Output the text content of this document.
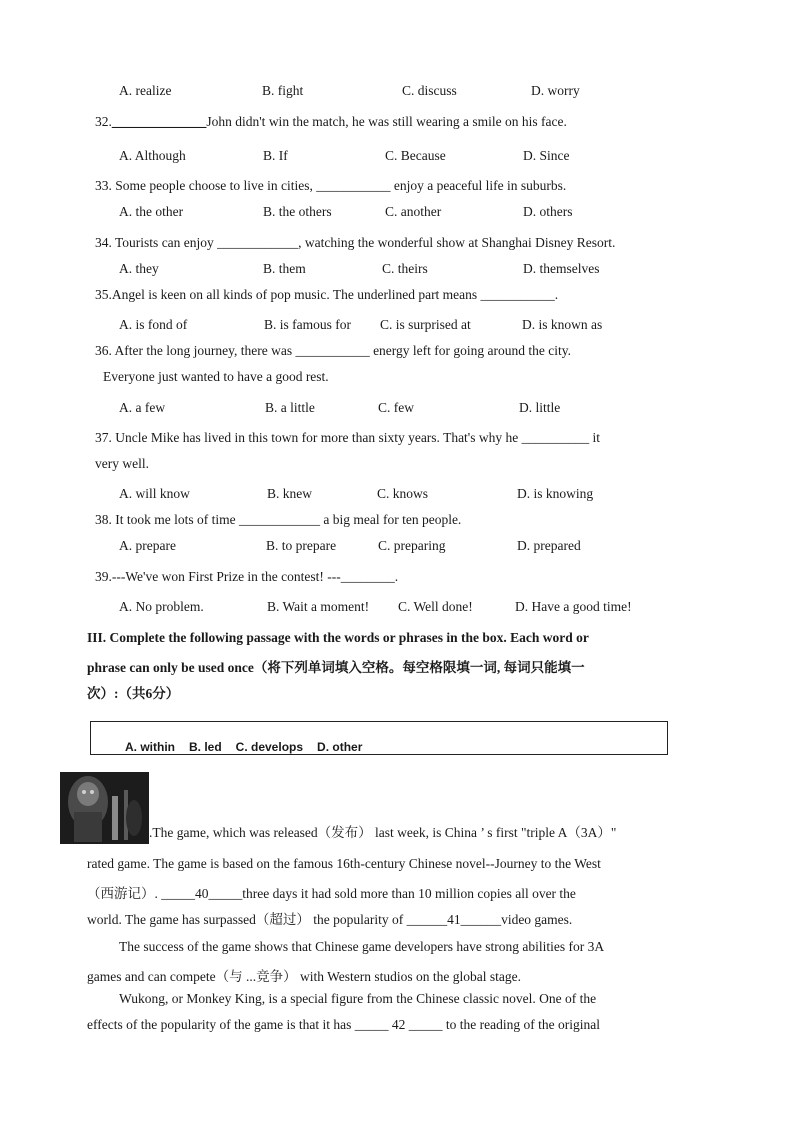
A. realize	B. fight	C. discuss	D. worry
32.______________John didn't win the match, he was still wearing a smile on his face.
A. Although	B. If	C. Because	D. Since
33. Some people choose to live in cities, ___________ enjoy a peaceful life in suburbs.
A. the other	B. the others	C. another	D. others
34. Tourists can enjoy ____________, watching the wonderful show at Shanghai Disney Resort.
A. they	B. them	C. theirs	D. themselves
35.Angel is keen on all kinds of pop music. The underlined part means ___________.
A. is fond of	B. is famous for C. is surprised at	D. is known as
36. After the long journey, there was ___________ energy left for going around the city.
Everyone just wanted to have a good rest.
A. a few	B. a little	C. few	D. little
37. Uncle Mike has lived in this town for more than sixty years. That's why he __________ it
very well.
A. will know	B. knew	C. knows	D. is knowing
38. It took me lots of time ____________ a big meal for ten people.
A. prepare	B. to prepare	C. preparing	D. prepared
39.---We've won First Prize in the contest! ---________.
A. No problem.	B. Wait a moment! C. Well done!	D. Have a good time!
III. Complete the following passage with the words or phrases in the box. Each word or
phrase can only be used once（将下列单词填入空格。每空格限填一词, 每词只能填一
次）:（共6分）
A. within B. led C. develops D. other
.The game, which was released（发布） last week, is China ’ s first "triple A（3A）"
rated game. The game is based on the famous 16th-century Chinese novel--Journey to the West
（西游记）. _____40_____three days it had sold more than 10 million copies all over the
world. The game has surpassed（超过） the popularity of ______41______video games.
The success of the game shows that Chinese game developers have strong abilities for 3A
games and can compete（与 ...竞争） with Western studios on the global stage.
Wukong, or Monkey King, is a special figure from the Chinese classic novel. One of the
effects of the popularity of the game is that it has _____ 42 _____ to the reading of the original
